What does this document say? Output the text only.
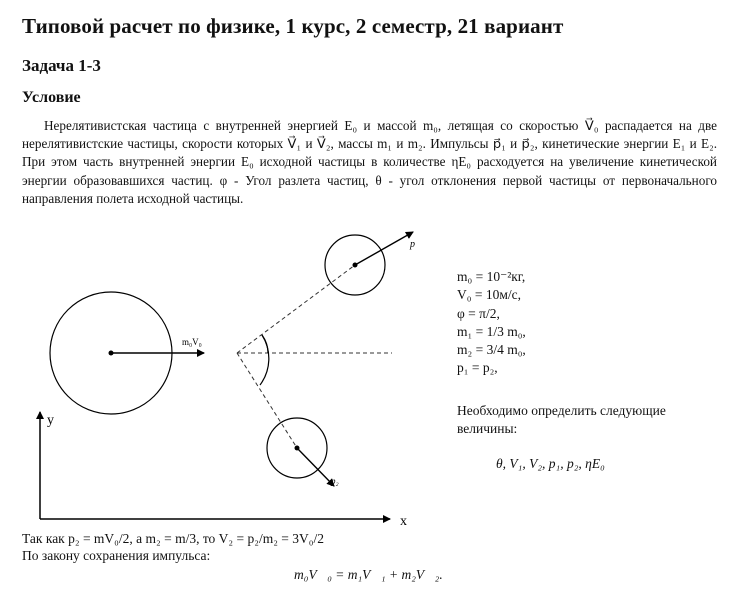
Типовой расчет по физике, 1 курс, 2 семестр, 21 вариант
Задача 1-3
Условие

Нерелятивистская частица с внутренней энергией E₀ и массой m₀, летящая со скоростью V⃗₀ распадается на две нерелятивистские частицы, скорости которых V⃗₁ и V⃗₂, массы m₁ и m₂. Импульсы p⃗₁ и p⃗₂, кинетические энергии E₁ и E₂. При этом часть внутренней энергии E₀ исходной частицы в количестве ηE₀ расходуется на увеличение кинетической энергии образовавшихся частиц. φ - Угол разлета частиц, θ - угол отклонения первой частицы от первоначального направления полета исходной частицы.

m₀V₀
p
p₂
y
x
m₀ = 10⁻²кг,
V₀ = 10м/с,
φ = π/2,
m₁ = 1/3 m₀,
m₂ = 3/4 m₀,
p₁ = p₂,

Необходимо определить следующие величины:

θ, V₁, V₂, p₁, p₂, ηE₀

Так как p₂ = mV₀/2, а m₂ = m/3, то V₂ = p₂/m₂ = 3V₀/2

По закону сохранения импульса:

m₀V⃗₀ = m₁V⃗₁ + m₂V⃗₂.
